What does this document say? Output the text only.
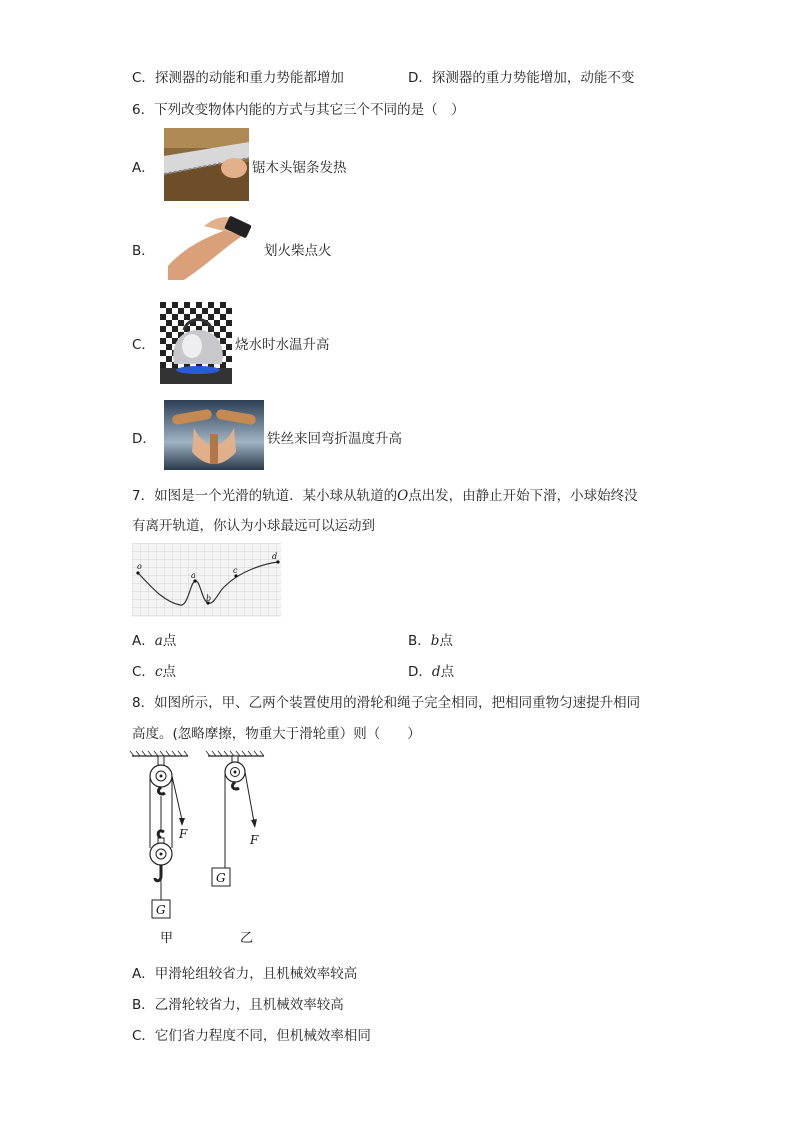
C．探测器的动能和重力势能都增加	D．探测器的重力势能增加，动能不变
6．下列改变物体内能的方式与其它三个不同的是（　）
A．	锯木头锯条发热
B．	划火柴点火
C．	烧水时水温升高
D．	铁丝来回弯折温度升高
7．如图是一个光滑的轨道．某小球从轨道的O点出发，由静止开始下滑，小球始终没
有离开轨道，你认为小球最远可以运动到
o
a
b
c
d
A．a点	B．b点
C．c点	D．d点
8．如图所示，甲、乙两个装置使用的滑轮和绳子完全相同，把相同重物匀速提升相同
高度。(忽略摩擦，物重大于滑轮重）则（　　）
F
G
甲
F
G
乙
A．甲滑轮组较省力，且机械效率较高
B．乙滑轮较省力，且机械效率较高
C．它们省力程度不同，但机械效率相同
